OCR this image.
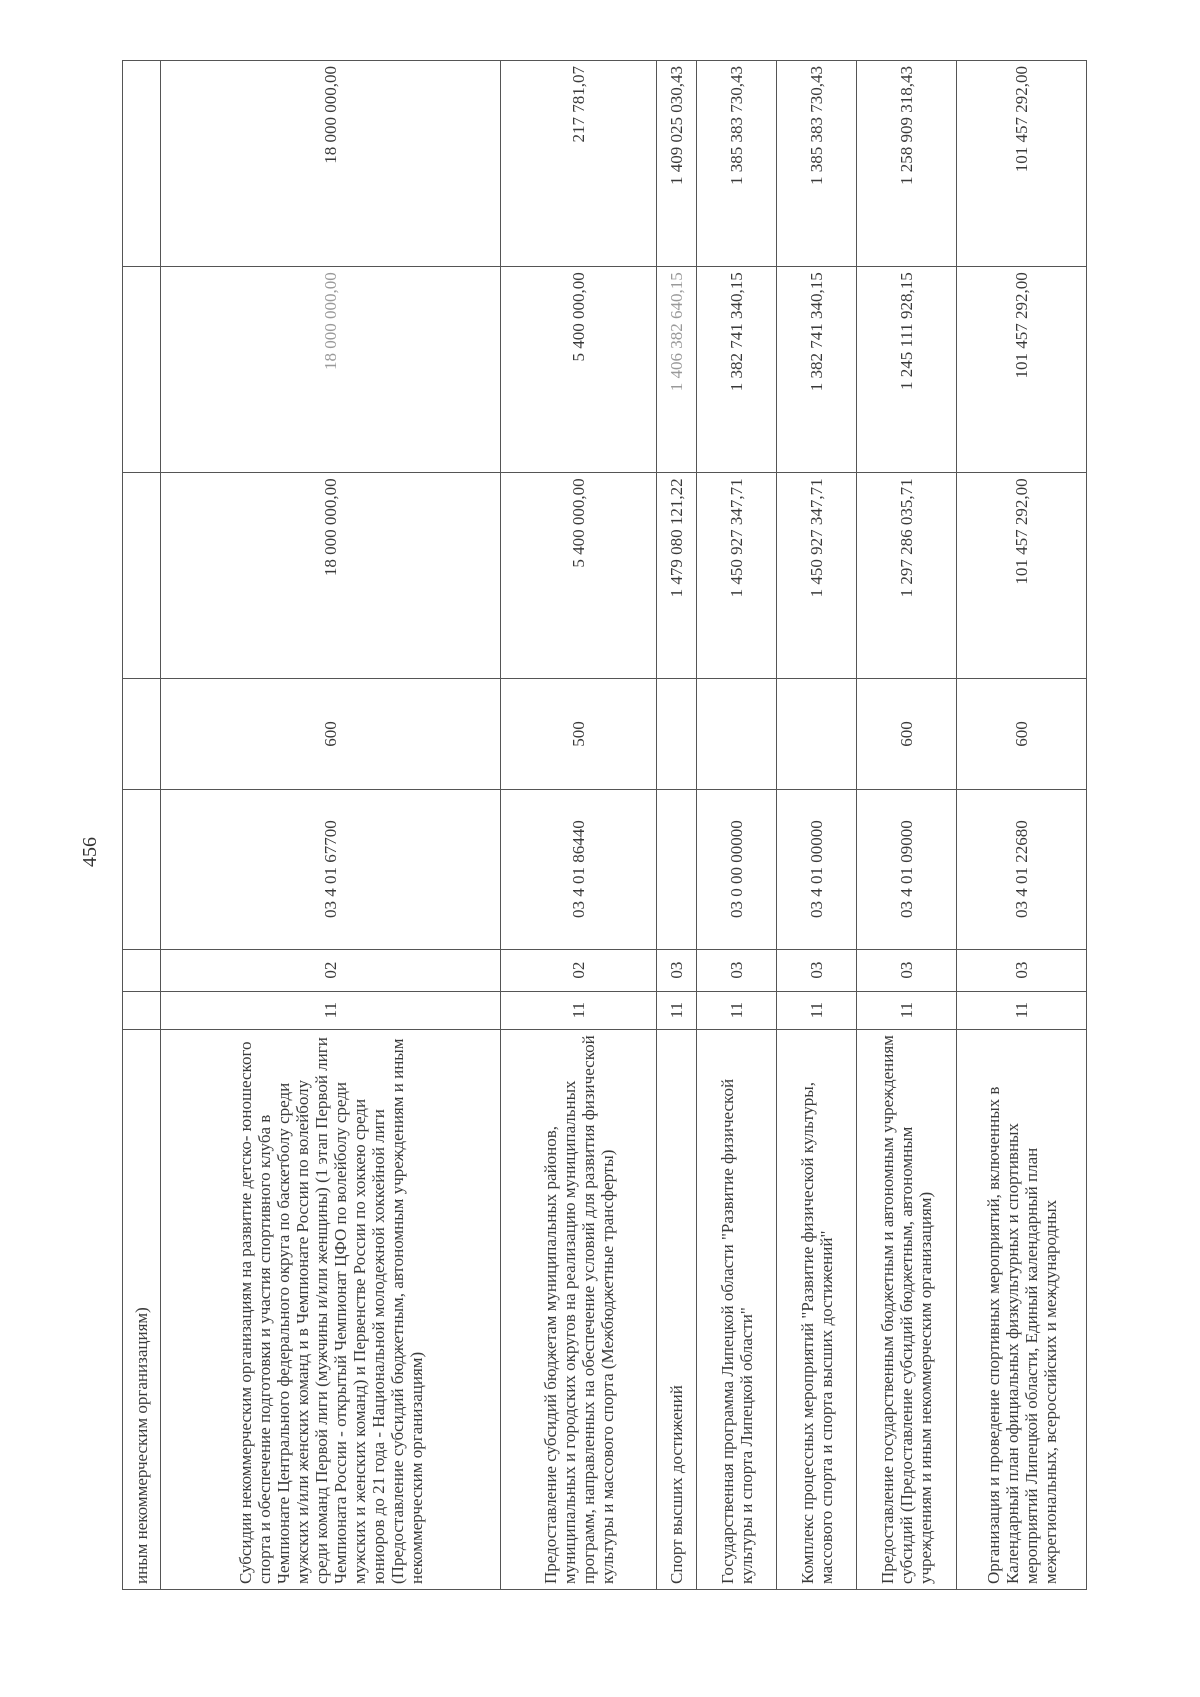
456
иным некоммерческим организациям)							
Субсидии некоммерческим организациям на развитие детско- юношеского спорта и обеспечение подготовки и участия спортивного клуба в Чемпионате Центрального федерального округа по баскетболу среди мужских и/или женских команд и в Чемпионате России по волейболу среди команд Первой лиги (мужчины и/или женщины) (1 этап Первой лиги Чемпионата России - открытый Чемпионат ЦФО по волейболу среди мужских и женских команд) и Первенстве России по хоккею среди юниоров до 21 года - Национальной молодежной хоккейной лиги (Предоставление субсидий бюджетным, автономным учреждениям и иным некоммерческим организациям)	11	02	03 4 01 67700	600	18 000 000,00	18 000 000,00	18 000 000,00
Предоставление субсидий бюджетам муниципальных районов, муниципальных и городских округов на реализацию муниципальных программ, направленных на обеспечение условий для развития физической культуры и массового спорта (Межбюджетные трансферты)	11	02	03 4 01 86440	500	5 400 000,00	5 400 000,00	217 781,07
Спорт высших достижений	11	03			1 479 080 121,22	1 406 382 640,15	1 409 025 030,43
Государственная программа Липецкой области "Развитие физической культуры и спорта Липецкой области"	11	03	03 0 00 00000		1 450 927 347,71	1 382 741 340,15	1 385 383 730,43
Комплекс процессных мероприятий "Развитие физической культуры, массового спорта и спорта высших достижений"	11	03	03 4 01 00000		1 450 927 347,71	1 382 741 340,15	1 385 383 730,43
Предоставление государственным бюджетным и автономным учреждениям субсидий (Предоставление субсидий бюджетным, автономным учреждениям и иным некоммерческим организациям)	11	03	03 4 01 09000	600	1 297 286 035,71	1 245 111 928,15	1 258 909 318,43
Организация и проведение спортивных мероприятий, включенных в Календарный план официальных физкультурных и спортивных мероприятий Липецкой области, Единый календарный план межрегиональных, всероссийских и международных	11	03	03 4 01 22680	600	101 457 292,00	101 457 292,00	101 457 292,00
